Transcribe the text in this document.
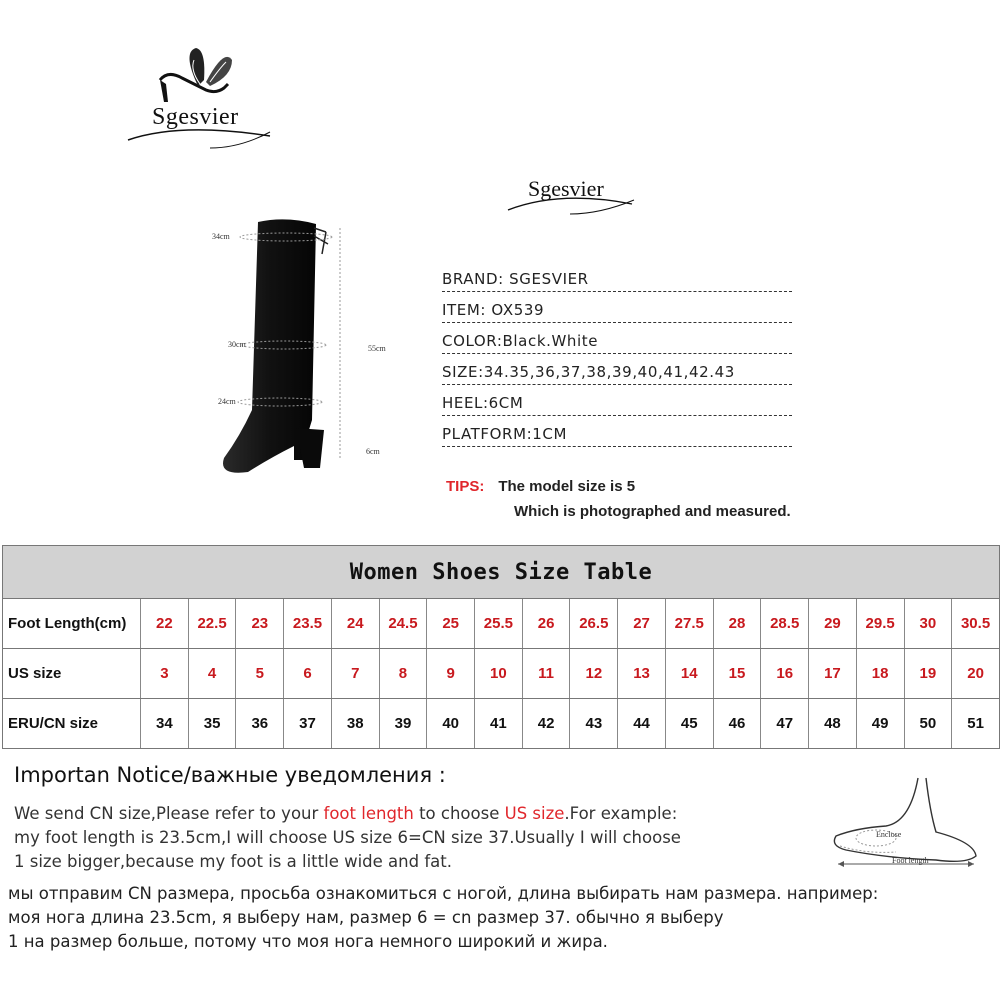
Sgesvier
Sgesvier
34cm
30cm	55cm
24cm
6cm
BRAND: SGESVIER
ITEM: OX539
COLOR:Black.White
SIZE:34.35,36,37,38,39,40,41,42.43
HEEL:6CM
PLATFORM:1CM
TIPS: The model size is 5
Which is photographed and measured.
Women Shoes Size Table
Foot Length(cm)	22	22.5	23	23.5	24	24.5	25	25.5	26	26.5	27	27.5	28	28.5	29	29.5	30	30.5
US size	3	4	5	6	7	8	9	10	11	12	13	14	15	16	17	18	19	20
ERU/CN size	34	35	36	37	38	39	40	41	42	43	44	45	46	47	48	49	50	51
Importan Notice/важные уведомления :
We send CN size,Please refer to your foot length to choose US size.For example:
my foot length is 23.5cm,I will choose US size 6=CN size 37.Usually I will choose
1 size bigger,because my foot is a little wide and fat.
мы отправим CN размера, просьба ознакомиться с ногой, длина выбирать нам размера. например:
моя нога длина 23.5cm, я выберу нам, размер 6 = cn размер 37. обычно я выберу
1 на размер больше, потому что моя нога немного широкий и жира.
Enclose
Foot length
